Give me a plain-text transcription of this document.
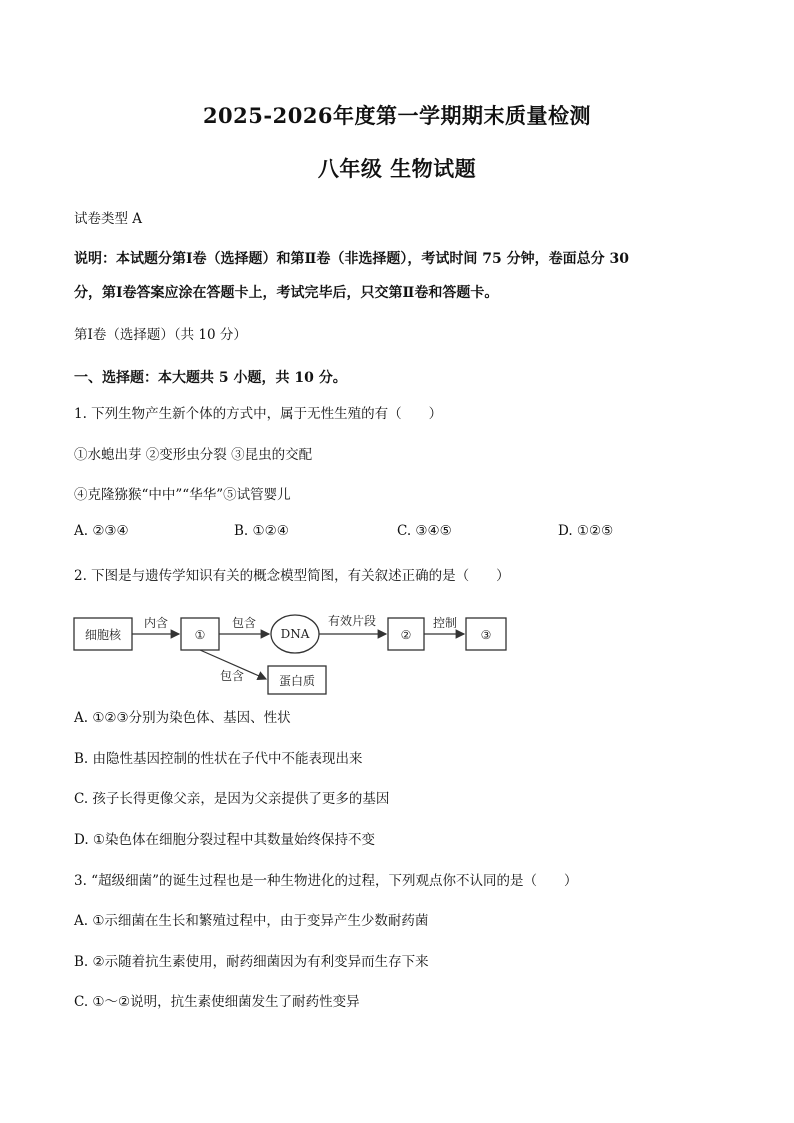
2025-2026年度第一学期期末质量检测
八年级 生物试题
试卷类型 A
说明：本试题分第Ⅰ卷（选择题）和第Ⅱ卷（非选择题），考试时间 75 分钟，卷面总分 30
分，第Ⅰ卷答案应涂在答题卡上，考试完毕后，只交第Ⅱ卷和答题卡。
第Ⅰ卷（选择题）（共 10 分）
一、选择题：本大题共 5 小题，共 10 分。
1. 下列生物产生新个体的方式中，属于无性生殖的有（　　）
①水螅出芽 ②变形虫分裂 ③昆虫的交配
④克隆猕猴“中中”“华华”⑤试管婴儿
A. ②③④	B. ①②④	C. ③④⑤	D. ①②⑤
2. 下图是与遗传学知识有关的概念模型简图，有关叙述正确的是（　　）
细胞核	①	DNA	②	③
蛋白质
内含	包含	有效片段	控制
包含
A. ①②③分别为染色体、基因、性状
B. 由隐性基因控制的性状在子代中不能表现出来
C. 孩子长得更像父亲，是因为父亲提供了更多的基因
D. ①染色体在细胞分裂过程中其数量始终保持不变
3. “超级细菌”的诞生过程也是一种生物进化的过程，下列观点你不认同的是（　　）
A. ①示细菌在生长和繁殖过程中，由于变异产生少数耐药菌
B. ②示随着抗生素使用，耐药细菌因为有利变异而生存下来
C. ①～②说明，抗生素使细菌发生了耐药性变异
